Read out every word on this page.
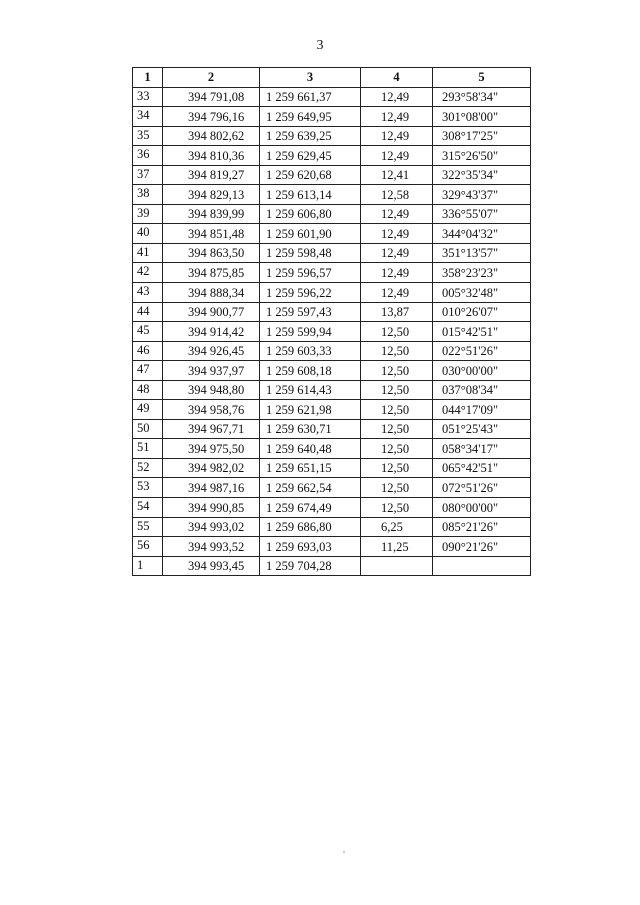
3
1	2	3	4	5
33	394 791,08	1 259 661,37	12,49	293°58'34"
34	394 796,16	1 259 649,95	12,49	301°08'00"
35	394 802,62	1 259 639,25	12,49	308°17'25"
36	394 810,36	1 259 629,45	12,49	315°26'50"
37	394 819,27	1 259 620,68	12,41	322°35'34"
38	394 829,13	1 259 613,14	12,58	329°43'37"
39	394 839,99	1 259 606,80	12,49	336°55'07"
40	394 851,48	1 259 601,90	12,49	344°04'32"
41	394 863,50	1 259 598,48	12,49	351°13'57"
42	394 875,85	1 259 596,57	12,49	358°23'23"
43	394 888,34	1 259 596,22	12,49	005°32'48"
44	394 900,77	1 259 597,43	13,87	010°26'07"
45	394 914,42	1 259 599,94	12,50	015°42'51"
46	394 926,45	1 259 603,33	12,50	022°51'26"
47	394 937,97	1 259 608,18	12,50	030°00'00"
48	394 948,80	1 259 614,43	12,50	037°08'34"
49	394 958,76	1 259 621,98	12,50	044°17'09"
50	394 967,71	1 259 630,71	12,50	051°25'43"
51	394 975,50	1 259 640,48	12,50	058°34'17"
52	394 982,02	1 259 651,15	12,50	065°42'51"
53	394 987,16	1 259 662,54	12,50	072°51'26"
54	394 990,85	1 259 674,49	12,50	080°00'00"
55	394 993,02	1 259 686,80	6,25	085°21'26"
56	394 993,52	1 259 693,03	11,25	090°21'26"
1	394 993,45	1 259 704,28		
